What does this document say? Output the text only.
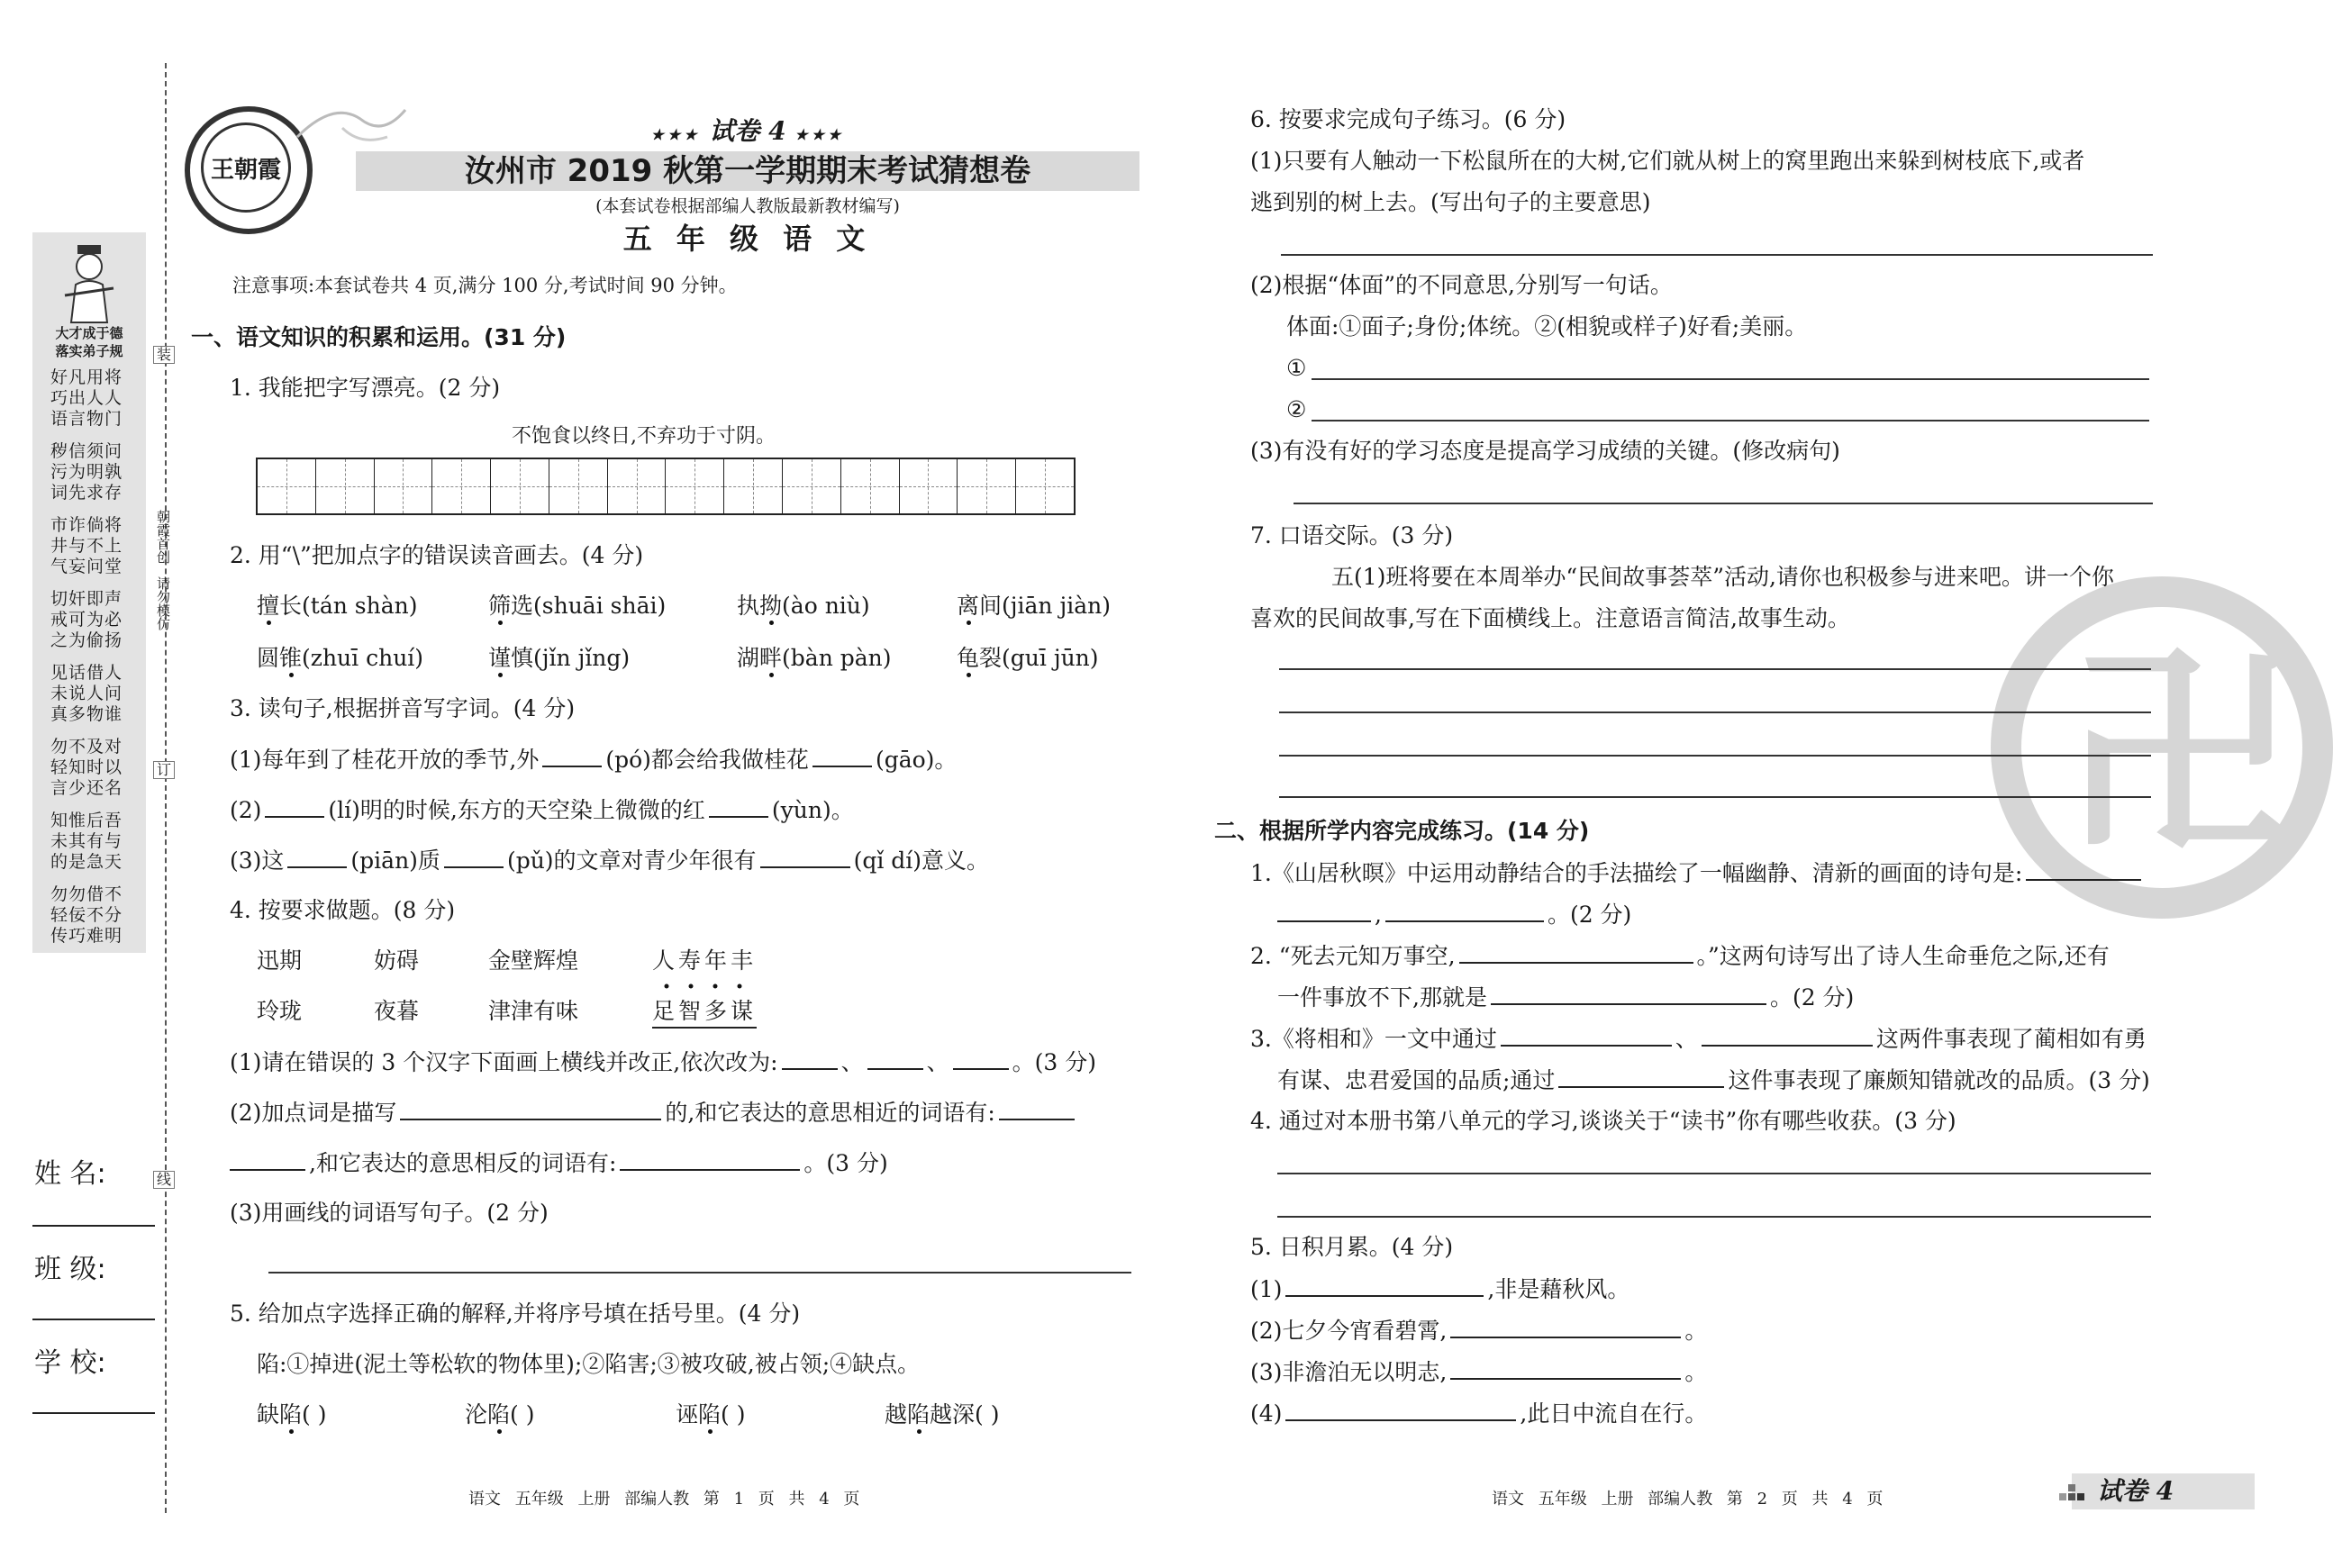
大才成于德
落实弟子规
好凡用将
巧出人人
语言物门
秽信须问
污为明孰
词先求存
市诈倘将
井与不上
气妄问堂
切奸即声
戒可为必
之为偷扬
见话借人
未说人问
真多物谁
勿不及对
轻知时以
言少还名
知惟后吾
未其有与
的是急天
勿勿借不
轻佞不分
传巧难明
装
订
线
朝霞首创
请勿模仿
姓 名:
班 级:
学 校:
王朝霞
★★★ 试卷 4 ★★★
汝州市 2019 秋第一学期期末考试猜想卷
(本套试卷根据部编人教版最新教材编写)
五 年 级 语 文
注意事项:本套试卷共 4 页,满分 100 分,考试时间 90 分钟。
一、语文知识的积累和运用。(31 分)
1. 我能把字写漂亮。(2 分)
不饱食以终日,不弃功于寸阴。
2. 用“\”把加点字的错误读音画去。(4 分)
擅长(tán shàn)	筛选(shuāi shāi)	执拗(ào niù)	离间(jiān jiàn)
圆锥(zhuī chuí)	谨慎(jǐn jǐng)	湖畔(bàn pàn)	龟裂(guī jūn)
3. 读句子,根据拼音写字词。(4 分)
(1)每年到了桂花开放的季节,外	(pó)都会给我做桂花	(gāo)。
(2)	(lí)明的时候,东方的天空染上微微的红	(yùn)。
(3)这	(piān)质	(pǔ)的文章对青少年很有	(qǐ dí)意义。
4. 按要求做题。(8 分)
迅期	妨碍	金壁辉煌	人寿年丰
玲珑	夜暮	津津有味	足智多谋
(1)请在错误的 3 个汉字下面画上横线并改正,依次改为:	、	、	。(3 分)
(2)加点词是描写	的,和它表达的意思相近的词语有:
,和它表达的意思相反的词语有:	。(3 分)
(3)用画线的词语写句子。(2 分)
5. 给加点字选择正确的解释,并将序号填在括号里。(4 分)
陷:①掉进(泥土等松软的物体里);②陷害;③被攻破,被占领;④缺点。
缺陷( )	沦陷( )	诬陷( )	越陷越深( )
语文 五年级 上册 部编人教 第 1 页 共 4 页
卍
6. 按要求完成句子练习。(6 分)
(1)只要有人触动一下松鼠所在的大树,它们就从树上的窝里跑出来躲到树枝底下,或者
逃到别的树上去。(写出句子的主要意思)
(2)根据“体面”的不同意思,分别写一句话。
体面:①面子;身份;体统。②(相貌或样子)好看;美丽。
①
②
(3)有没有好的学习态度是提高学习成绩的关键。(修改病句)
7. 口语交际。(3 分)
五(1)班将要在本周举办“民间故事荟萃”活动,请你也积极参与进来吧。讲一个你
喜欢的民间故事,写在下面横线上。注意语言简洁,故事生动。
二、根据所学内容完成练习。(14 分)
1.《山居秋暝》中运用动静结合的手法描绘了一幅幽静、清新的画面的诗句是:
,	。(2 分)
2. “死去元知万事空,	。”这两句诗写出了诗人生命垂危之际,还有
一件事放不下,那就是	。(2 分)
3.《将相和》一文中通过	、	这两件事表现了蔺相如有勇
有谋、忠君爱国的品质;通过	这件事表现了廉颇知错就改的品质。(3 分)
4. 通过对本册书第八单元的学习,谈谈关于“读书”你有哪些收获。(3 分)
5. 日积月累。(4 分)
(1)	,非是藉秋风。
(2)七夕今宵看碧霄,	。
(3)非澹泊无以明志,	。
(4)	,此日中流自在行。
语文 五年级 上册 部编人教 第 2 页 共 4 页	试卷 4
